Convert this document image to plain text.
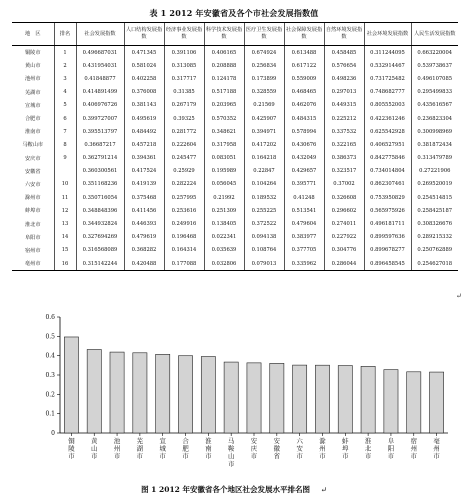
表 1 2012 年安徽省及各个市社会发展指数值
地　区	排名	社会发展指数	人口结构发展指数	经济事业发展指数	科学技术发展指数	医疗卫生发展指数	社会保障发展指数	自然环境发展指数	社会环境发展指数	人民生活发展指数
铜陵市	1	0.496687031	0.471345	0.391106	0.406165	0.674924	0.613488	0.458485	0.311244095	0.663220004
黄山市	2	0.431954031	0.581024	0.313085	0.208888	0.256834	0.617122	0.576654	0.532914467	0.539738637
池州市	3	0.41848877	0.402258	0.317717	0.124178	0.173899	0.559009	0.498236	0.731725482	0.496107085
芜湖市	4	0.414891499	0.376008	0.31385	0.517188	0.328559	0.468465	0.297013	0.748682777	0.295499833
宣城市	5	0.406976726	0.381143	0.267179	0.203965	0.21569	0.462076	0.449315	0.805552003	0.435616567
合肥市	6	0.399727007	0.495619	0.39325	0.570352	0.425907	0.484315	0.225212	0.422361246	0.236823304
淮南市	7	0.395513797	0.484492	0.281772	0.348621	0.394971	0.578994	0.337532	0.625542928	0.300998969
马鞍山市	8	0.36687217	0.457218	0.222604	0.317958	0.417202	0.430676	0.322165	0.406527951	0.381872434
安庆市	9	0.362791214	0.394361	0.245477	0.083051	0.164218	0.432049	0.386373	0.842775846	0.313479789
安徽省		0.360300561	0.417524	0.25929	0.195989	0.22847	0.429657	0.323517	0.734014804	0.27221906
六安市	10	0.351168236	0.419139	0.282224	0.056045	0.104264	0.395771	0.37002	0.862307461	0.269520019
滁州市	11	0.350716054	0.375468	0.257995	0.21992	0.189532	0.41248	0.326608	0.753950829	0.254514815
蚌埠市	12	0.348848396	0.411456	0.253616	0.251309	0.255225	0.513541	0.296602	0.565975926	0.258425187
淮北市	13	0.344932824	0.446393	0.249916	0.138405	0.372522	0.479604	0.274011	0.496181711	0.308326676
阜阳市	14	0.327694269	0.479619	0.196468	0.022341	0.094138	0.383977	0.227922	0.899597636	0.289215332
宿州市	15	0.316568089	0.368282	0.164314	0.035639	0.108764	0.377705	0.304776	0.899678277	0.250762889
亳州市	16	0.315142244	0.420488	0.177088	0.032806	0.079013	0.335962	0.286044	0.896458545	0.254627018
↵
0
0.1
0.2
0.3
0.4
0.5
0.6
铜陵市
黄山市
池州市
芜湖市
宣城市
合肥市
淮南市
马鞍山市
安庆市
安徽省
六安市
滁州市
蚌埠市
淮北市
阜阳市
宿州市
亳州市
图 1 2012 年安徽省各个地区社会发展水平排名图 ↵
